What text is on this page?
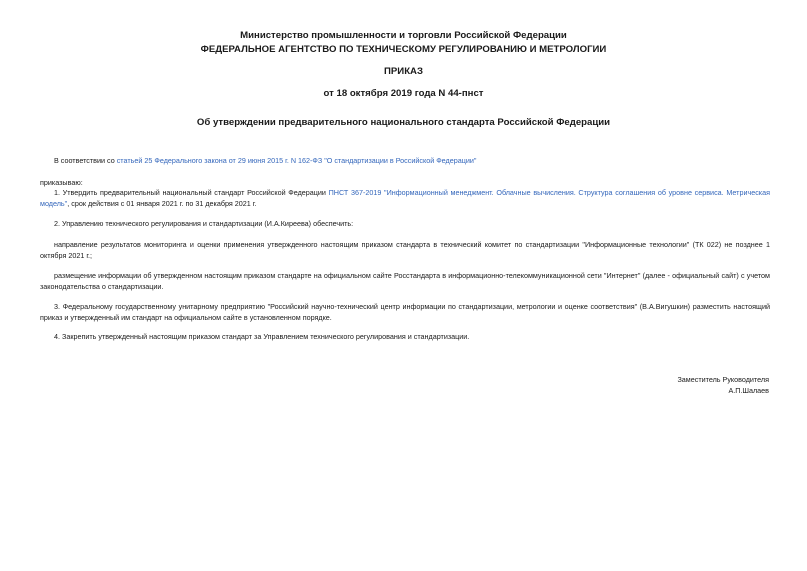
Министерство промышленности и торговли Российской Федерации
ФЕДЕРАЛЬНОЕ АГЕНТСТВО ПО ТЕХНИЧЕСКОМУ РЕГУЛИРОВАНИЮ И МЕТРОЛОГИИ
ПРИКАЗ
от 18 октября 2019 года N 44-пнст
Об утверждении предварительного национального стандарта Российской Федерации
В соответствии со статьей 25 Федерального закона от 29 июня 2015 г. N 162-ФЗ "О стандартизации в Российской Федерации"
приказываю:
1. Утвердить предварительный национальный стандарт Российской Федерации ПНСТ 367-2019 "Информационный менеджмент. Облачные вычисления. Структура соглашения об уровне сервиса. Метрическая модель", срок действия с 01 января 2021 г. по 31 декабря 2021 г.
2. Управлению технического регулирования и стандартизации (И.А.Киреева) обеспечить:
направление результатов мониторинга и оценки применения утвержденного настоящим приказом стандарта в технический комитет по стандартизации "Информационные технологии" (ТК 022) не позднее 1 октября 2021 г.;
размещение информации об утвержденном настоящим приказом стандарте на официальном сайте Росстандарта в информационно-телекоммуникационной сети "Интернет" (далее - официальный сайт) с учетом законодательства о стандартизации.
3. Федеральному государственному унитарному предприятию "Российский научно-технический центр информации по стандартизации, метрологии и оценке соответствия" (В.А.Вигушкин) разместить настоящий приказ и утвержденный им стандарт на официальном сайте в установленном порядке.
4. Закрепить утвержденный настоящим приказом стандарт за Управлением технического регулирования и стандартизации.
Заместитель Руководителя
А.П.Шалаев
